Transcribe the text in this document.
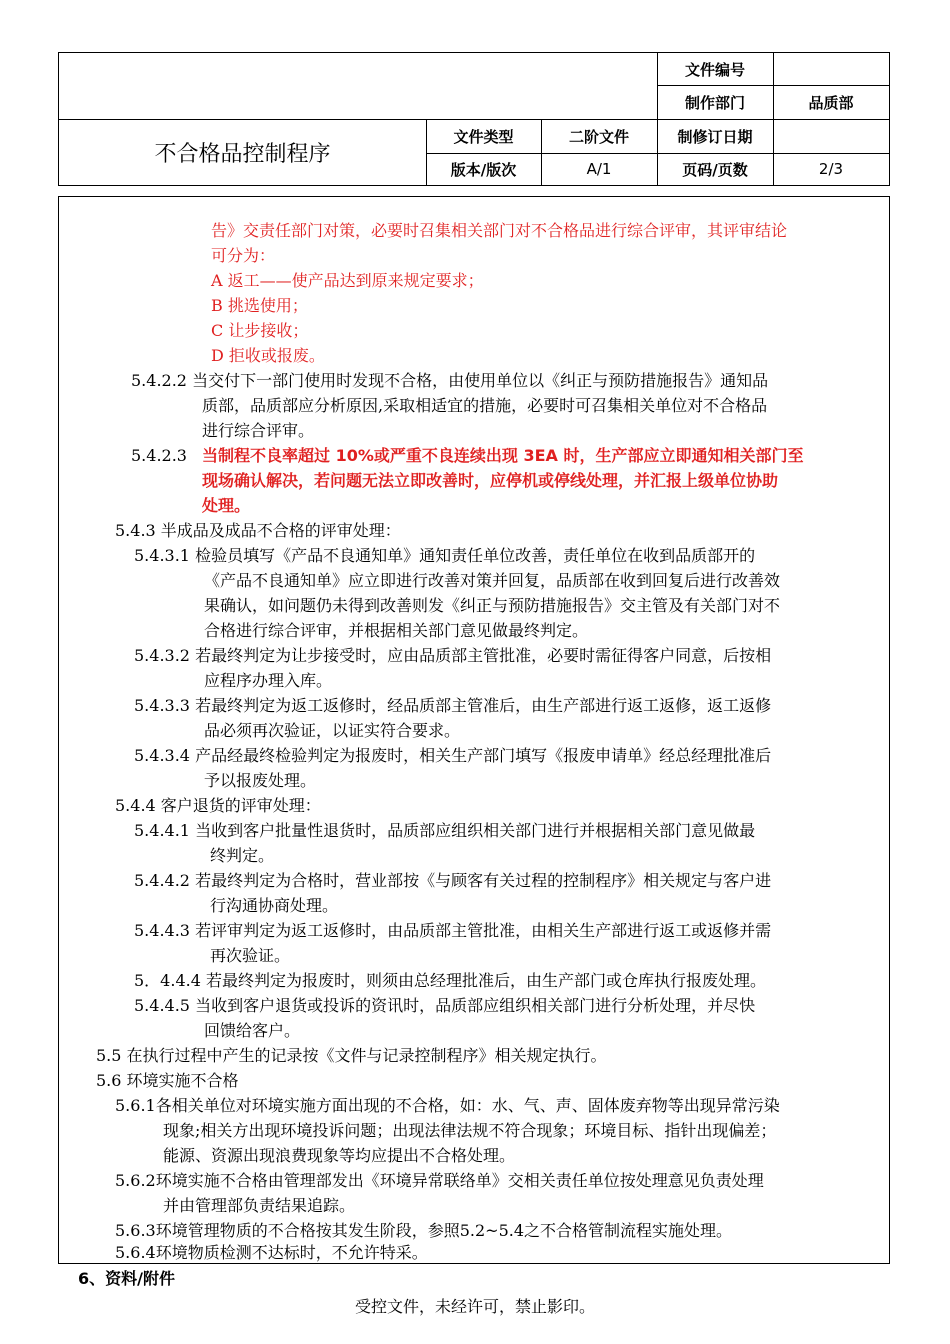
文件编号
制作部门	品质部
不合格品控制程序
文件类型	二阶文件	制修订日期
版本/版次	A/1	页码/页数	2/3
告》交责任部门对策，必要时召集相关部门对不合格品进行综合评审，其评审结论
可分为：
A 返工——使产品达到原来规定要求；
B 挑选使用；
C 让步接收；
D 拒收或报废。
5.4.2.2 当交付下一部门使用时发现不合格，由使用单位以《纠正与预防措施报告》通知品
质部，品质部应分析原因,采取相适宜的措施，必要时可召集相关单位对不合格品
进行综合评审。
5.4.2.3 当制程不良率超过 10%或严重不良连续出现 3EA 时，生产部应立即通知相关部门至
现场确认解决，若问题无法立即改善时，应停机或停线处理，并汇报上级单位协助
处理。
5.4.3 半成品及成品不合格的评审处理：
5.4.3.1 检验员填写《产品不良通知单》通知责任单位改善，责任单位在收到品质部开的
《产品不良通知单》应立即进行改善对策并回复，品质部在收到回复后进行改善效
果确认，如问题仍未得到改善则发《纠正与预防措施报告》交主管及有关部门对不
合格进行综合评审，并根据相关部门意见做最终判定。
5.4.3.2 若最终判定为让步接受时，应由品质部主管批准，必要时需征得客户同意，后按相
应程序办理入库。
5.4.3.3 若最终判定为返工返修时，经品质部主管准后，由生产部进行返工返修，返工返修
品必须再次验证，以证实符合要求。
5.4.3.4 产品经最终检验判定为报废时，相关生产部门填写《报废申请单》经总经理批准后
予以报废处理。
5.4.4 客户退货的评审处理：
5.4.4.1 当收到客户批量性退货时，品质部应组织相关部门进行并根据相关部门意见做最
终判定。
5.4.4.2 若最终判定为合格时，营业部按《与顾客有关过程的控制程序》相关规定与客户进
行沟通协商处理。
5.4.4.3 若评审判定为返工返修时，由品质部主管批准，由相关生产部进行返工或返修并需
再次验证。
5．4.4.4 若最终判定为报废时，则须由总经理批准后，由生产部门或仓库执行报废处理。
5.4.4.5 当收到客户退货或投诉的资讯时，品质部应组织相关部门进行分析处理，并尽快
回馈给客户。
5.5 在执行过程中产生的记录按《文件与记录控制程序》相关规定执行。
5.6 环境实施不合格
5.6.1各相关单位对环境实施方面出现的不合格，如：水、气、声、固体废弃物等出现异常污染
现象;相关方出现环境投诉问题；出现法律法规不符合现象；环境目标、指针出现偏差；
能源、资源出现浪费现象等均应提出不合格处理。
5.6.2环境实施不合格由管理部发出《环境异常联络单》交相关责任单位按处理意见负责处理
并由管理部负责结果追踪。
5.6.3环境管理物质的不合格按其发生阶段，参照5.2~5.4之不合格管制流程实施处理。
5.6.4环境物质检测不达标时，不允许特采。
6、资料/附件
受控文件，未经许可，禁止影印。
